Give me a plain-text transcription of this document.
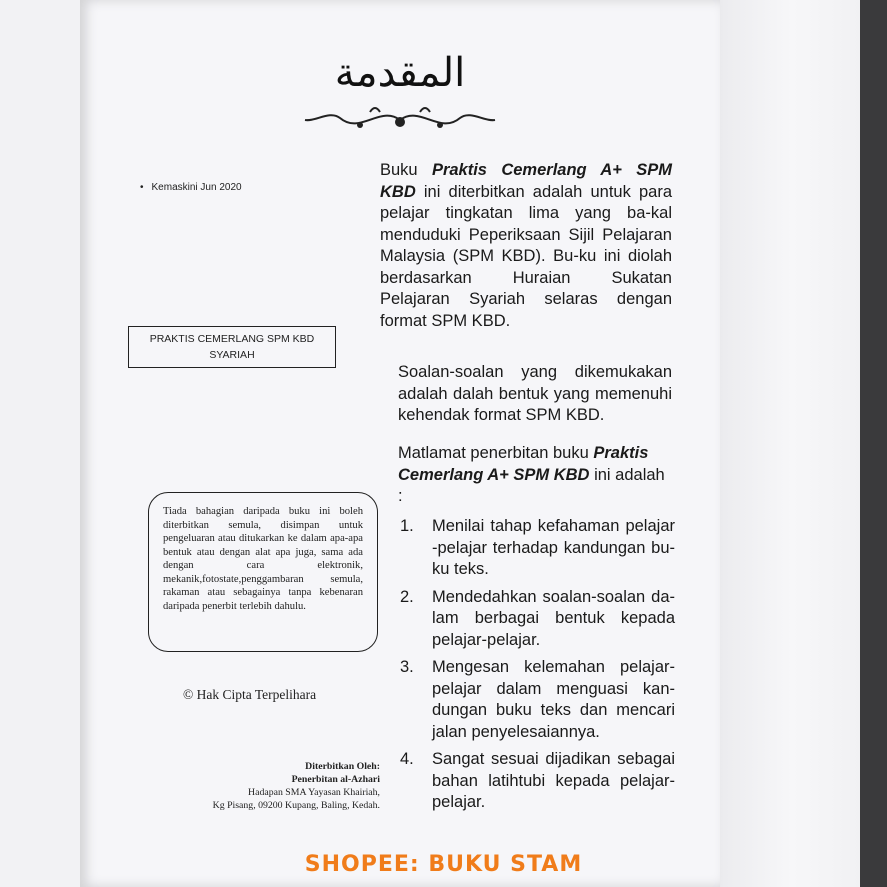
المقدمة
• Kemaskini Jun 2020
PRAKTIS CEMERLANG SPM KBD
SYARIAH
Tiada bahagian daripada buku ini boleh diterbitkan semula, disimpan untuk pengeluaran atau ditukarkan ke dalam apa-apa bentuk atau dengan alat apa juga, sama ada dengan cara elektronik, mekanik,fotostate,penggambaran semula, rakaman atau sebagainya tanpa kebenaran daripada penerbit terlebih dahulu.
© Hak Cipta Terpelihara
Diterbitkan Oleh:
Penerbitan al-Azhari
Hadapan SMA Yayasan Khairiah,
Kg Pisang, 09200 Kupang, Baling, Kedah.

Buku Praktis Cemerlang A+ SPM KBD ini diterbitkan adalah untuk para pelajar tingkatan lima yang ba-kal menduduki Peperiksaan Sijil Pelajaran Malaysia (SPM KBD). Bu-ku ini diolah berdasarkan Huraian Sukatan Pelajaran Syariah selaras dengan format SPM KBD.

Soalan-soalan yang dikemukakan adalah dalah bentuk yang memenuhi kehendak format SPM KBD.
Matlamat penerbitan buku Praktis Cemerlang A+ SPM KBD ini adalah :
1.	Menilai tahap kefahaman pelajar -pelajar terhadap kandungan bu-ku teks.
2.	Mendedahkan soalan-soalan da-lam berbagai bentuk kepada pelajar-pelajar.
3.	Mengesan kelemahan pelajar-pelajar dalam menguasi kan-dungan buku teks dan mencari jalan penyelesaiannya.
4.	Sangat sesuai dijadikan sebagai bahan latihtubi kepada pelajar-pelajar.
SHOPEE: BUKU STAM
